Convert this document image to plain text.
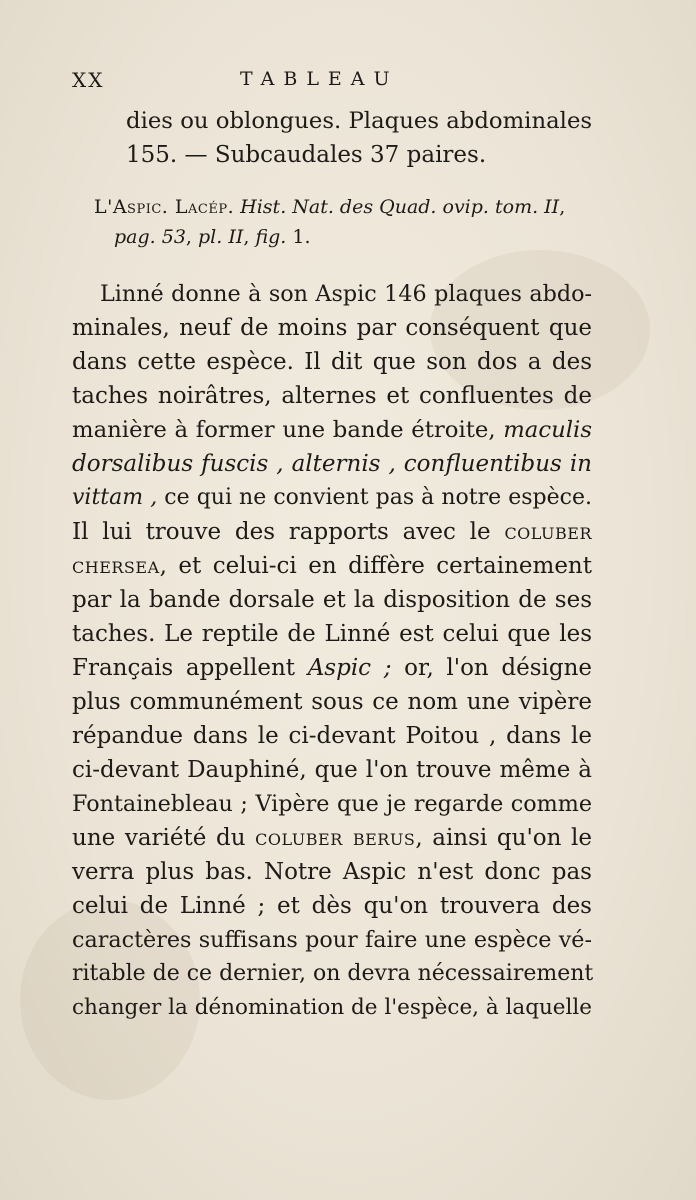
XX	TABLEAU
dies ou oblongues. Plaques abdominales
155. — Subcaudales 37 paires.
L'Aspic. Lacép. Hist. Nat. des Quad. ovip. tom. II,
pag. 53, pl. II, fig. 1.
Linné donne à son Aspic 146 plaques abdo-
minales, neuf de moins par conséquent que
dans cette espèce. Il dit que son dos a des
taches noirâtres, alternes et confluentes de
manière à former une bande étroite, maculis
dorsalibus fuscis , alternis , confluentibus in
vittam , ce qui ne convient pas à notre espèce.
Il lui trouve des rapports avec le coluber
chersea, et celui-ci en diffère certainement
par la bande dorsale et la disposition de ses
taches. Le reptile de Linné est celui que les
Français appellent Aspic ; or, l'on désigne
plus communément sous ce nom une vipère
répandue dans le ci-devant Poitou , dans le
ci-devant Dauphiné, que l'on trouve même à
Fontainebleau ; Vipère que je regarde comme
une variété du coluber berus, ainsi qu'on le
verra plus bas. Notre Aspic n'est donc pas
celui de Linné ; et dès qu'on trouvera des
caractères suffisans pour faire une espèce vé-
ritable de ce dernier, on devra nécessairement
changer la dénomination de l'espèce, à laquelle
